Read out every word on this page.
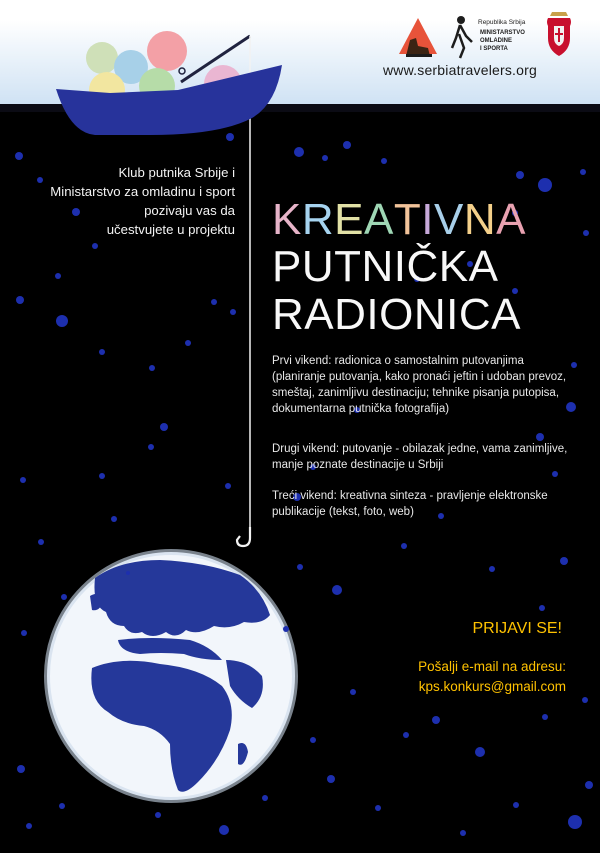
Republika Srbija
MINISTARSTVO
OMLADINE
I SPORTA
www.serbiatravelers.org
Klub putnika Srbije i
Ministarstvo za omladinu i sport
pozivaju vas da
učestvujete u projektu K R E A T I V N A
PUTNIČKA
RADIONICA
Prvi vikend: radionica o samostalnim putovanjima (planiranje putovanja, kako pronaći jeftin i udoban prevoz, smeštaj, zanimljivu destinaciju; tehnike pisanja putopisa, dokumentarna putnička fotografija)
Drugi vikend: putovanje - obilazak jedne, vama zanimljive, manje poznate destinacije u Srbiji
Treći vikend: kreativna sinteza - pravljenje elektronske publikacije (tekst, foto, web)
PRIJAVI SE!
Pošalji e-mail na adresu:
kps.konkurs@gmail.com
